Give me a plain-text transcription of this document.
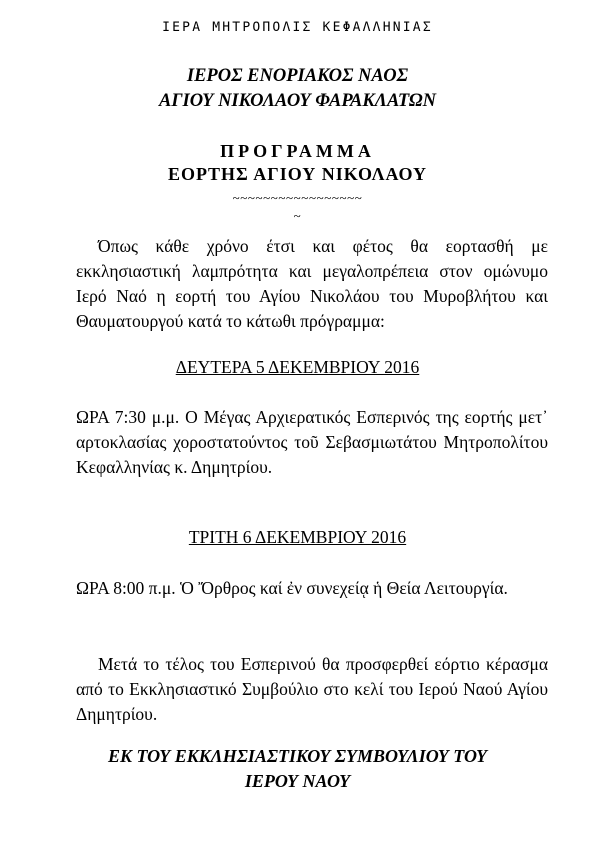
ΙΕΡΑ ΜΗΤΡΟΠΟΛΙΣ ΚΕΦΑΛΛΗΝΙΑΣ
ΙΕΡΟΣ ΕΝΟΡΙΑΚΟΣ ΝΑΟΣ
ΑΓΙΟΥ ΝΙΚΟΛΑΟΥ ΦΑΡΑΚΛΑΤΩΝ
ΠΡΟΓΡΑΜΜΑ
ΕΟΡΤΗΣ ΑΓΙΟΥ ΝΙΚΟΛΑΟΥ
~~~~~~~~~~~~~~~~~
~
Όπως κάθε χρόνο έτσι και φέτος θα εορτασθή με εκκλησιαστική λαμπρότητα και μεγαλοπρέπεια στον ομώνυμο Ιερό Ναό η εορτή του Αγίου Νικολάου του Μυροβλήτου και Θαυματουργού κατά το κάτωθι πρόγραμμα:
ΔΕΥΤΕΡΑ 5 ΔΕΚΕΜΒΡΙΟΥ 2016
ΩΡΑ 7:30 μ.μ. Ο Μέγας Αρχιερατικός Εσπερινός της εορτής μετ᾽ αρτοκλασίας χοροστατούντος τοῦ Σεβασμιωτάτου Μητροπολίτου Κεφαλληνίας κ. Δημητρίου.
ΤΡΙΤΗ 6 ΔΕΚΕΜΒΡΙΟΥ 2016
ΩΡΑ 8:00 π.μ. Ὁ Ὄρθρος καί ἐν συνεχείᾳ ἡ Θεία Λειτουργία.
Μετά το τέλος του Εσπερινού θα προσφερθεί εόρτιο κέρασμα από το Εκκλησιαστικό Συμβούλιο στο κελί του Ιερού Ναού Αγίου Δημητρίου.
ΕΚ ΤΟΥ ΕΚΚΛΗΣΙΑΣΤΙΚΟΥ ΣΥΜΒΟΥΛΙΟΥ ΤΟΥ
ΙΕΡΟΥ ΝΑΟΥ
